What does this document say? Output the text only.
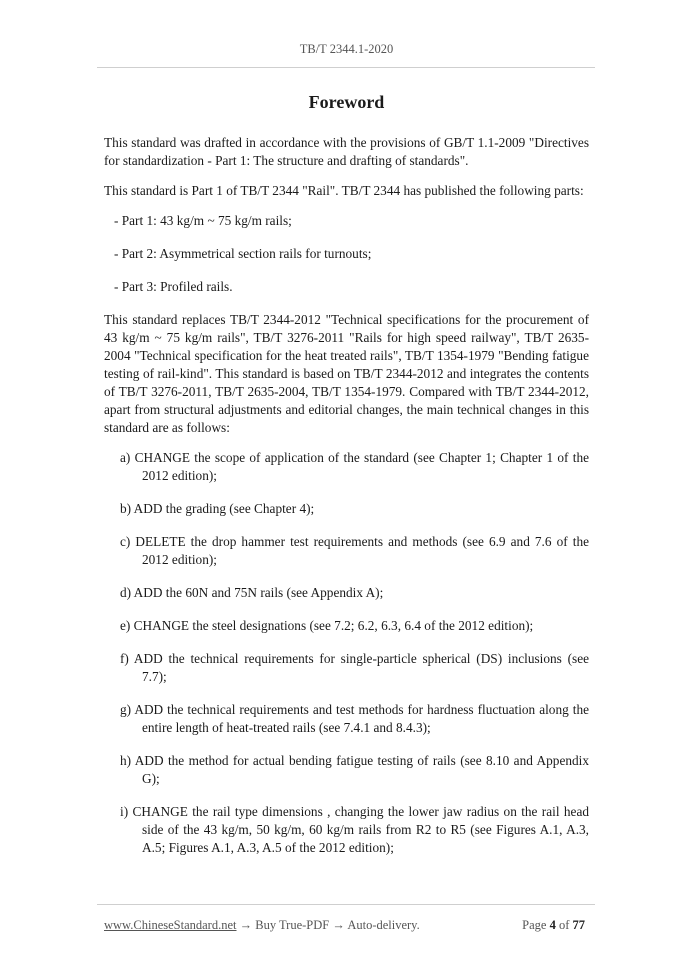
TB/T 2344.1-2020
Foreword

This standard was drafted in accordance with the provisions of GB/T 1.1-2009 "Directives for standardization - Part 1: The structure and drafting of standards".

This standard is Part 1 of TB/T 2344 "Rail". TB/T 2344 has published the following parts:

- Part 1: 43 kg/m ~ 75 kg/m rails;

- Part 2: Asymmetrical section rails for turnouts;

- Part 3: Profiled rails.

This standard replaces TB/T 2344-2012 "Technical specifications for the procurement of 43 kg/m ~ 75 kg/m rails", TB/T 3276-2011 "Rails for high speed railway", TB/T 2635-2004 "Technical specification for the heat treated rails", TB/T 1354-1979 "Bending fatigue testing of rail-kind". This standard is based on TB/T 2344-2012 and integrates the contents of TB/T 3276-2011, TB/T 2635-2004, TB/T 1354-1979. Compared with TB/T 2344-2012, apart from structural adjustments and editorial changes, the main technical changes in this standard are as follows:

a) CHANGE the scope of application of the standard (see Chapter 1; Chapter 1 of the 2012 edition);

b) ADD the grading (see Chapter 4);

c) DELETE the drop hammer test requirements and methods (see 6.9 and 7.6 of the 2012 edition);

d) ADD the 60N and 75N rails (see Appendix A);

e) CHANGE the steel designations (see 7.2; 6.2, 6.3, 6.4 of the 2012 edition);

f) ADD the technical requirements for single-particle spherical (DS) inclusions (see 7.7);

g) ADD the technical requirements and test methods for hardness fluctuation along the entire length of heat-treated rails (see 7.4.1 and 8.4.3);

h) ADD the method for actual bending fatigue testing of rails (see 8.10 and Appendix G);

i) CHANGE the rail type dimensions , changing the lower jaw radius on the rail head side of the 43 kg/m, 50 kg/m, 60 kg/m rails from R2 to R5 (see Figures A.1, A.3, A.5; Figures A.1, A.3, A.5 of the 2012 edition);

www.ChineseStandard.net → Buy True-PDF → Auto-delivery.	Page 4 of 77
